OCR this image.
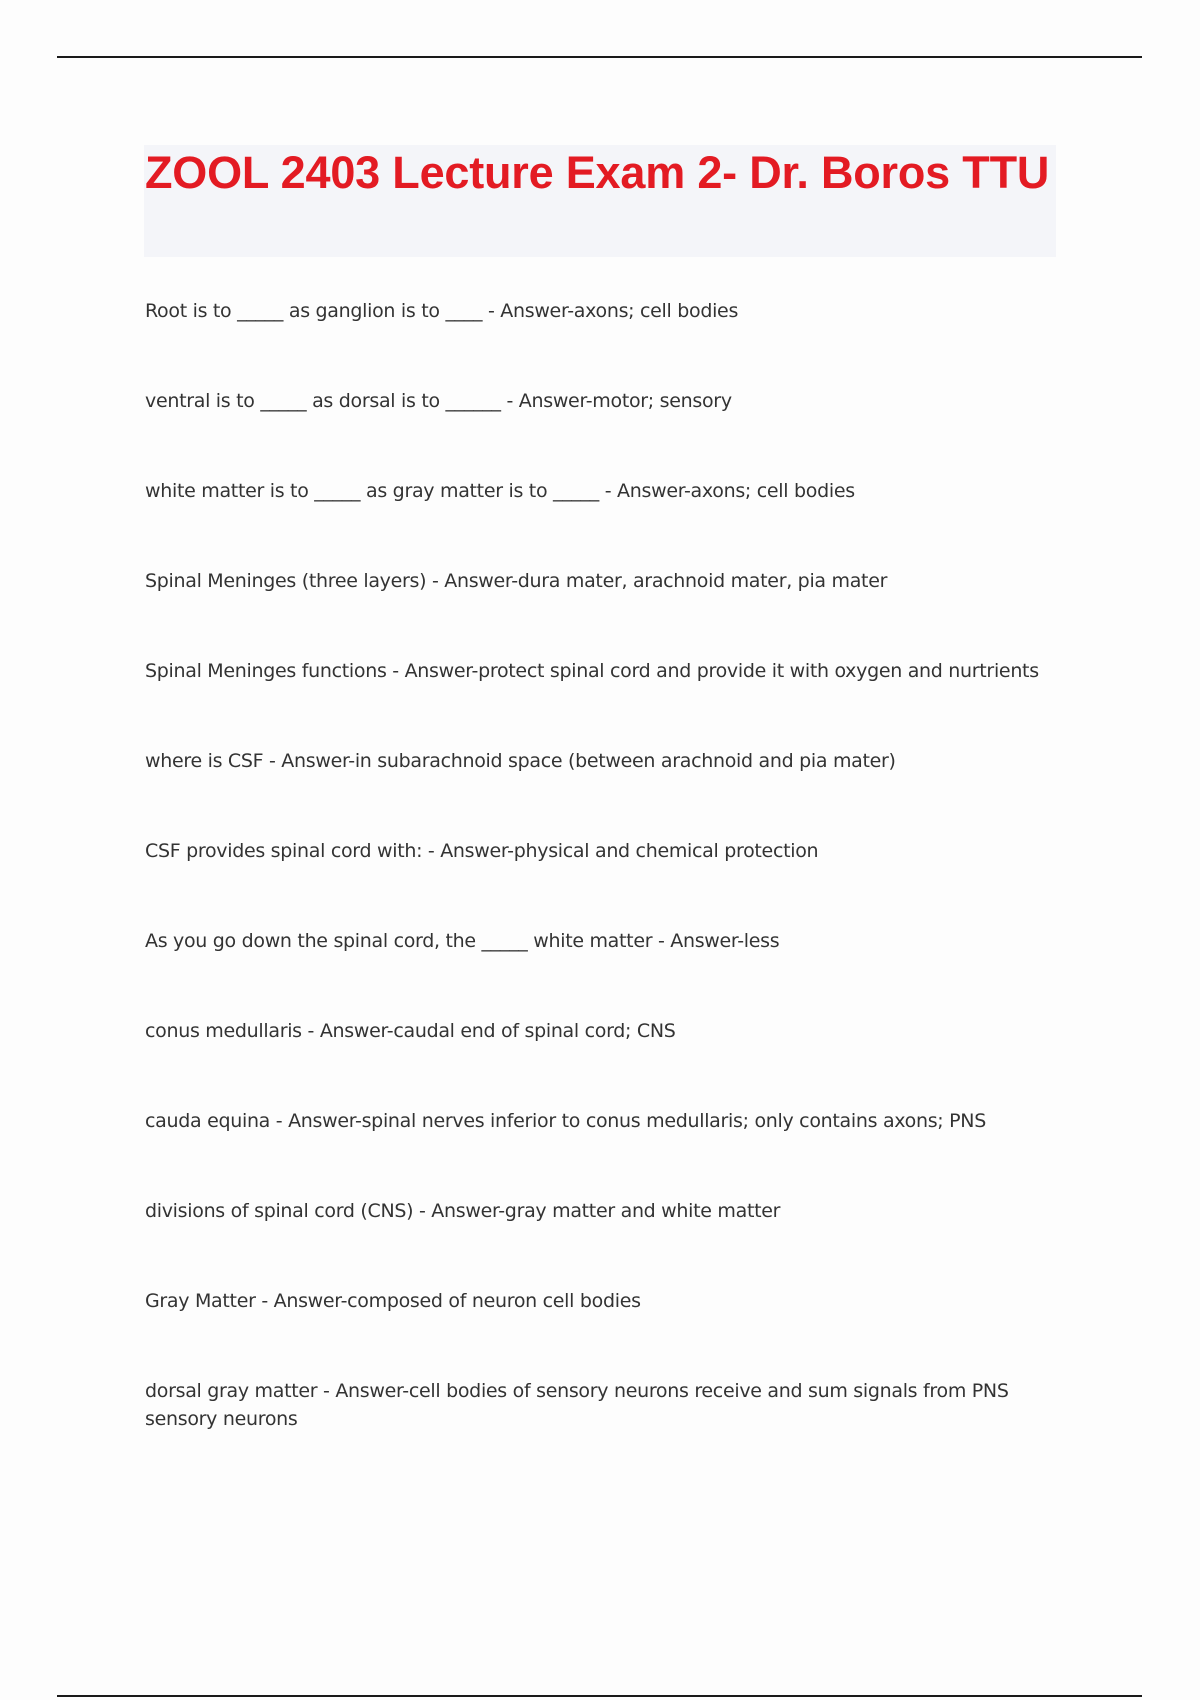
ZOOL 2403 Lecture Exam 2- Dr. Boros TTU
Root is to _____ as ganglion is to ____ - Answer-axons; cell bodies
ventral is to _____ as dorsal is to ______ - Answer-motor; sensory
white matter is to _____ as gray matter is to _____ - Answer-axons; cell bodies
Spinal Meninges (three layers) - Answer-dura mater, arachnoid mater, pia mater
Spinal Meninges functions - Answer-protect spinal cord and provide it with oxygen and nurtrients
where is CSF - Answer-in subarachnoid space (between arachnoid and pia mater)
CSF provides spinal cord with: - Answer-physical and chemical protection
As you go down the spinal cord, the _____ white matter - Answer-less
conus medullaris - Answer-caudal end of spinal cord; CNS
cauda equina - Answer-spinal nerves inferior to conus medullaris; only contains axons; PNS
divisions of spinal cord (CNS) - Answer-gray matter and white matter
Gray Matter - Answer-composed of neuron cell bodies
dorsal gray matter - Answer-cell bodies of sensory neurons receive and sum signals from PNS sensory neurons
